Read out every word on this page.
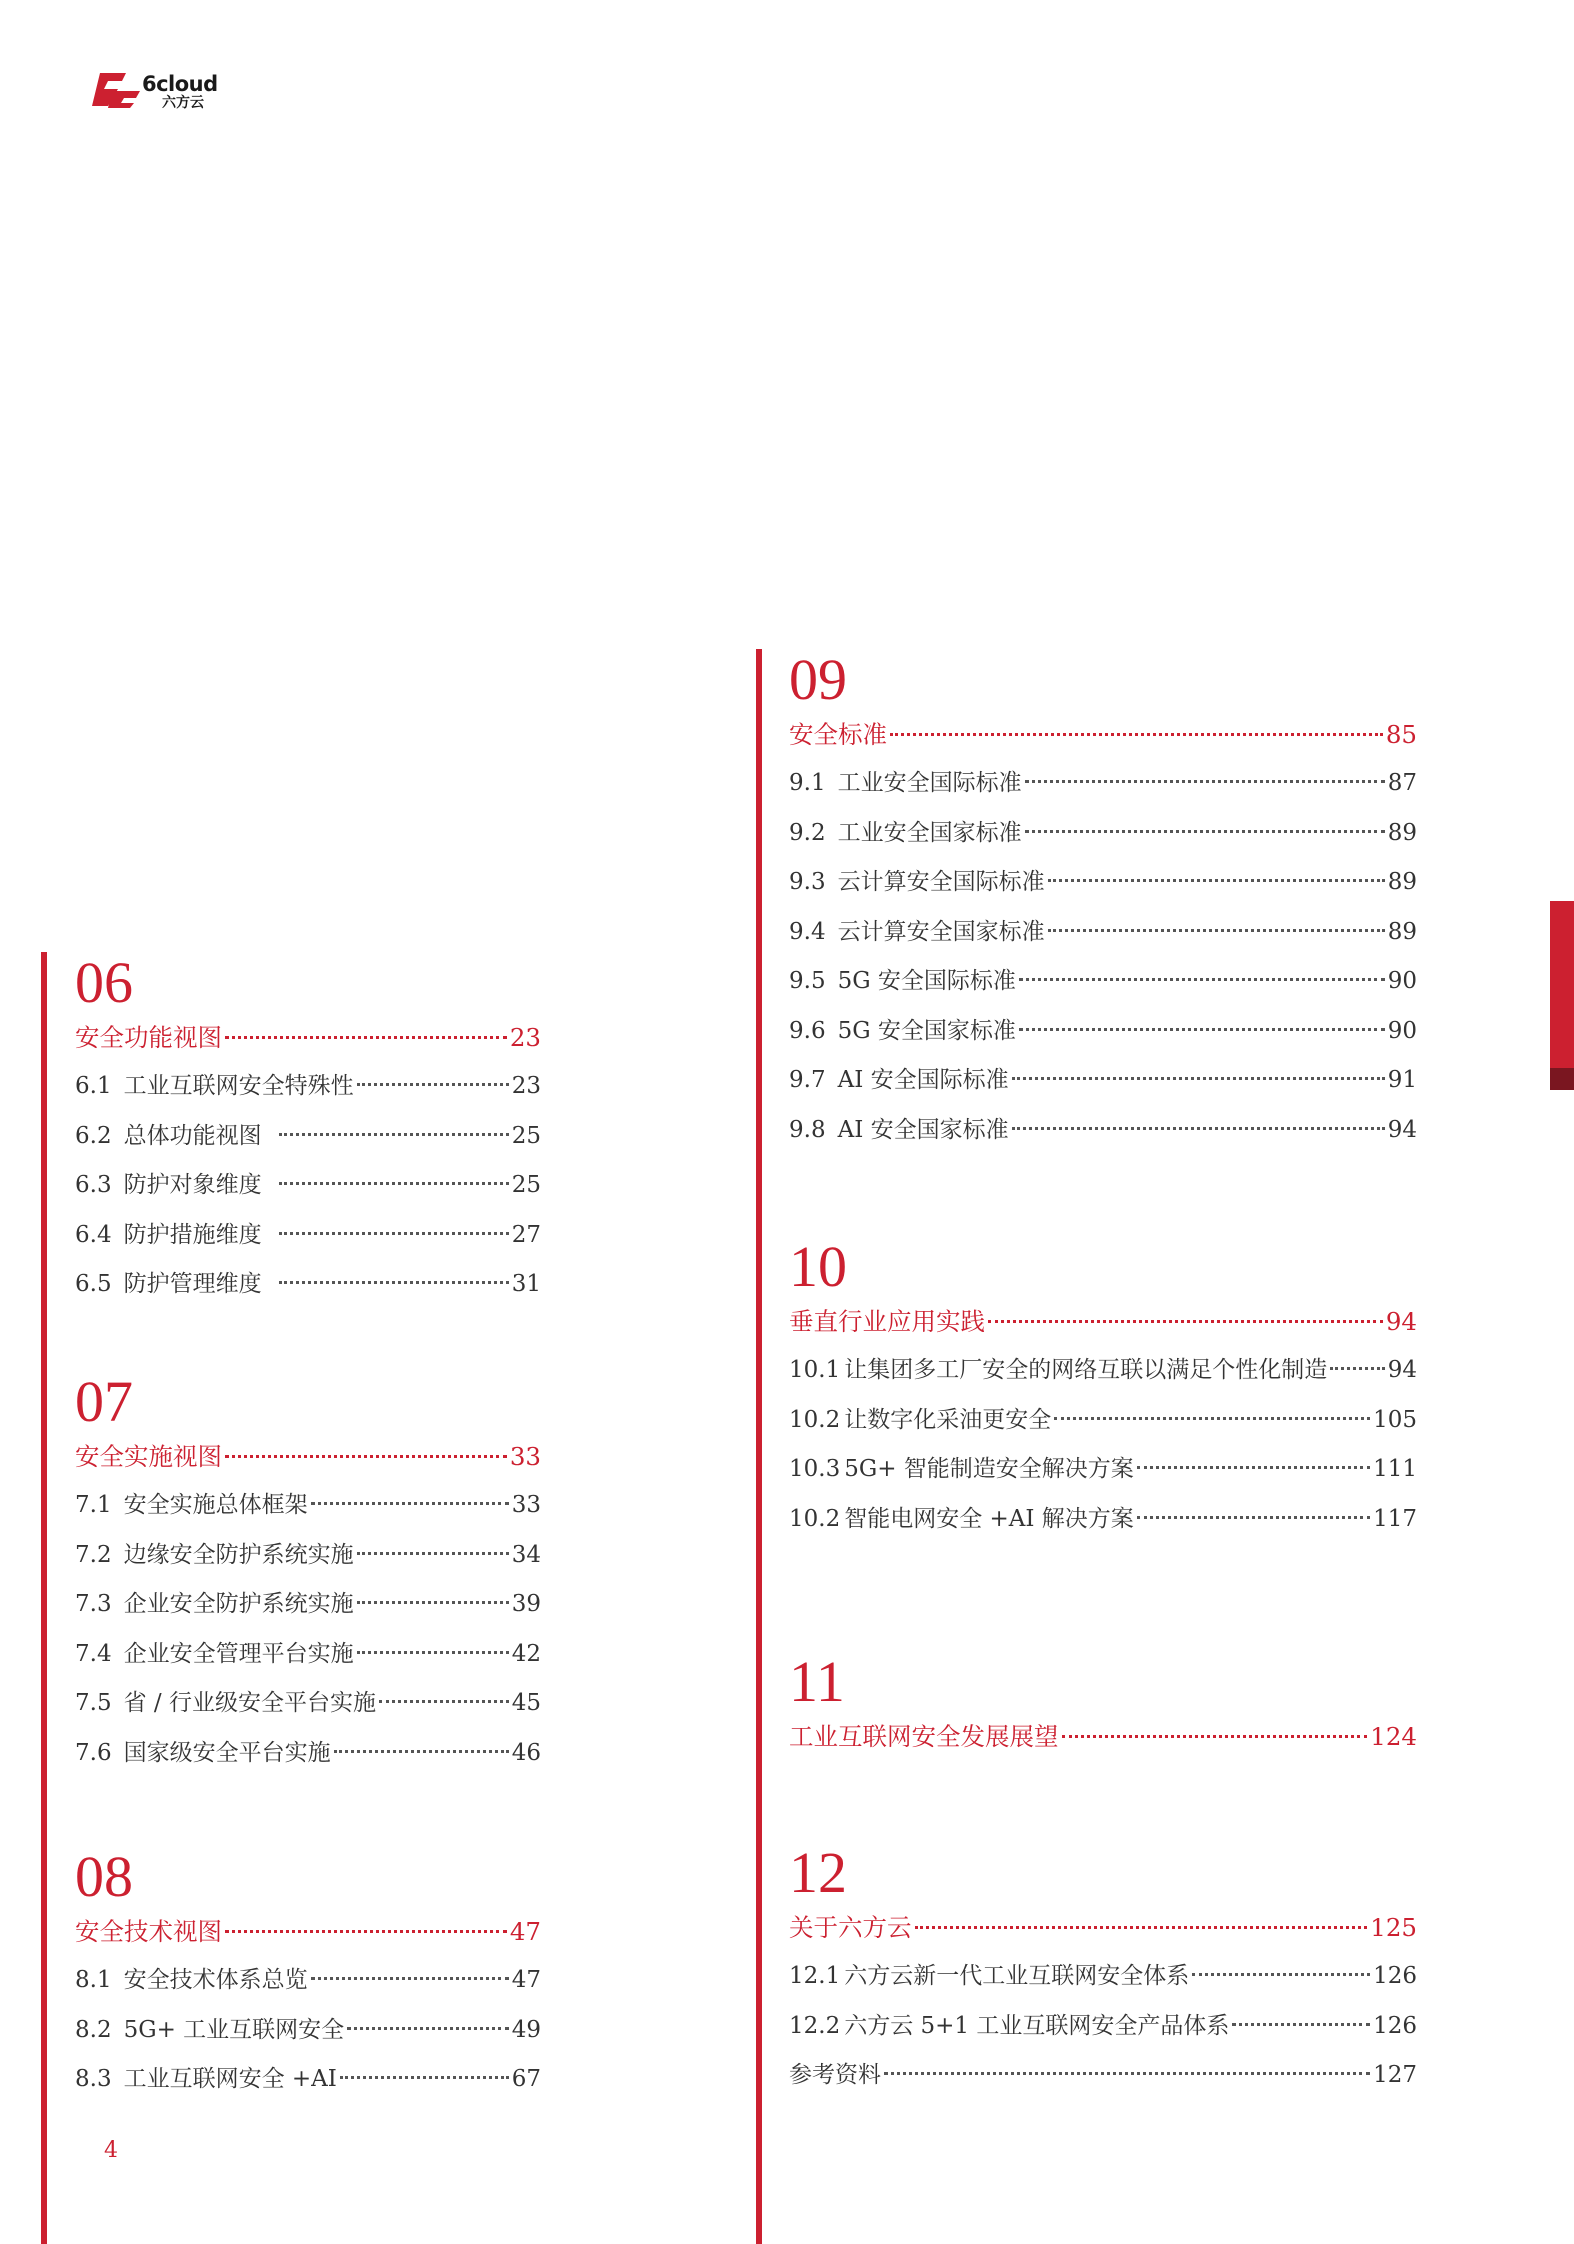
6cloud
六方云
06
安全功能视图	23
6.1 工业互联网安全特殊性	23
6.2 总体功能视图	25
6.3 防护对象维度	25
6.4 防护措施维度	27
6.5 防护管理维度	31
07
安全实施视图	33
7.1 安全实施总体框架	33
7.2 边缘安全防护系统实施	34
7.3 企业安全防护系统实施	39
7.4 企业安全管理平台实施	42
7.5 省 / 行业级安全平台实施	45
7.6 国家级安全平台实施	46
08
安全技术视图	47
8.1 安全技术体系总览	47
8.2 5G+ 工业互联网安全	49
8.3 工业互联网安全 +AI	67
09
安全标准	85
9.1 工业安全国际标准	87
9.2 工业安全国家标准	89
9.3 云计算安全国际标准	89
9.4 云计算安全国家标准	89
9.5 5G 安全国际标准	90
9.6 5G 安全国家标准	90
9.7 AI 安全国际标准	91
9.8 AI 安全国家标准	94
10
垂直行业应用实践	94
10.1 让集团多工厂安全的网络互联以满足个性化制造	94
10.2 让数字化采油更安全	105
10.3 5G+ 智能制造安全解决方案	111
10.2 智能电网安全 +AI 解决方案	117
11
工业互联网安全发展展望	124
12
关于六方云	125
12.1 六方云新一代工业互联网安全体系	126
12.2 六方云 5+1 工业互联网安全产品体系	126
参考资料	127
4
